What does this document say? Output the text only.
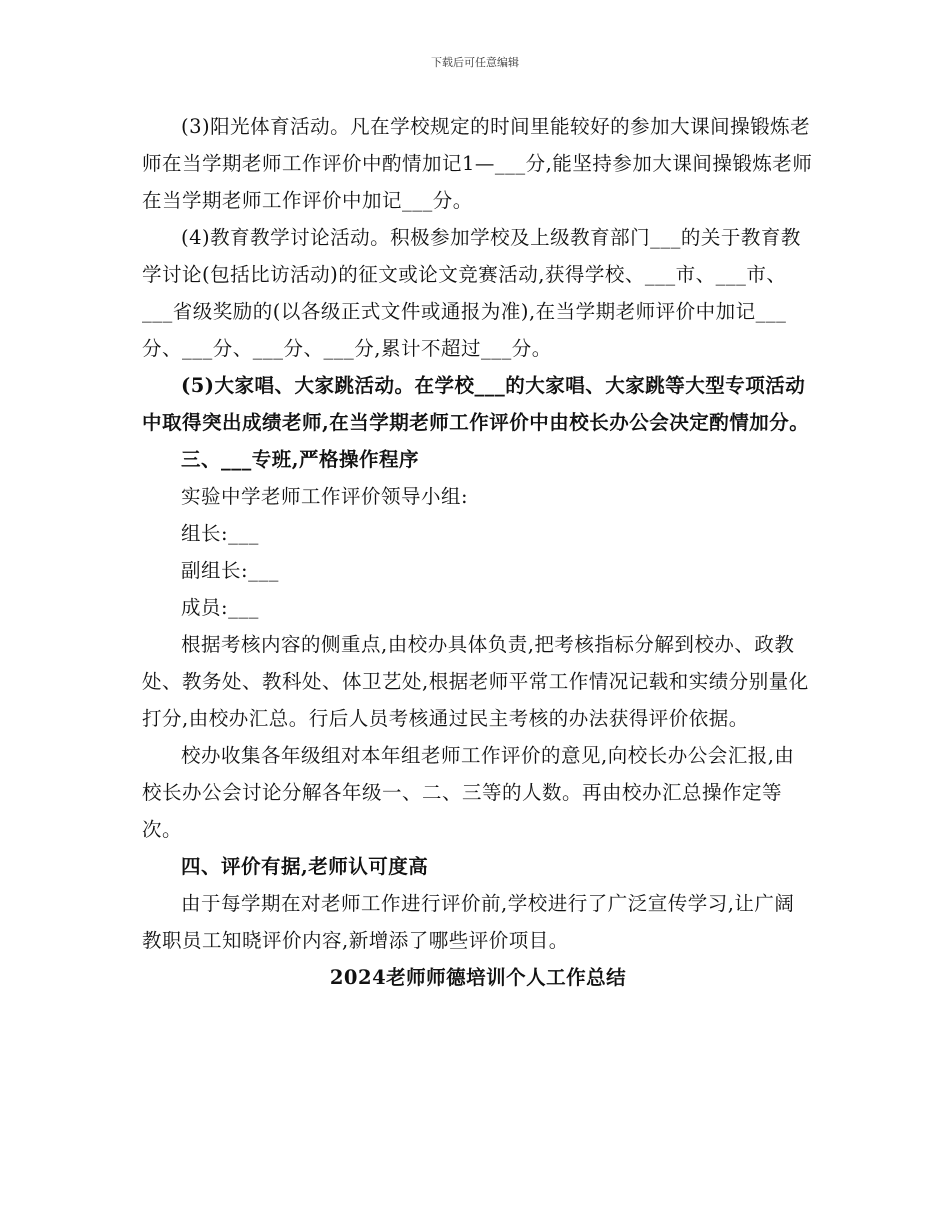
下载后可任意编辑

(3)阳光体育活动。凡在学校规定的时间里能较好的参加大课间操锻炼老师在当学期老师工作评价中酌情加记1—___分,能坚持参加大课间操锻炼老师在当学期老师工作评价中加记___分。

(4)教育教学讨论活动。积极参加学校及上级教育部门___的关于教育教学讨论(包括比访活动)的征文或论文竞赛活动,获得学校、___市、___市、___省级奖励的(以各级正式文件或通报为准),在当学期老师评价中加记___分、___分、___分、___分,累计不超过___分。

(5)大家唱、大家跳活动。在学校___的大家唱、大家跳等大型专项活动中取得突出成绩老师,在当学期老师工作评价中由校长办公会决定酌情加分。

三、___专班,严格操作程序

实验中学老师工作评价领导小组:

组长:___

副组长:___

成员:___

根据考核内容的侧重点,由校办具体负责,把考核指标分解到校办、政教处、教务处、教科处、体卫艺处,根据老师平常工作情况记载和实绩分别量化打分,由校办汇总。行后人员考核通过民主考核的办法获得评价依据。

校办收集各年级组对本年组老师工作评价的意见,向校长办公会汇报,由校长办公会讨论分解各年级一、二、三等的人数。再由校办汇总操作定等次。

四、评价有据,老师认可度高

由于每学期在对老师工作进行评价前,学校进行了广泛宣传学习,让广阔教职员工知晓评价内容,新增添了哪些评价项目。

2024老师师德培训个人工作总结
